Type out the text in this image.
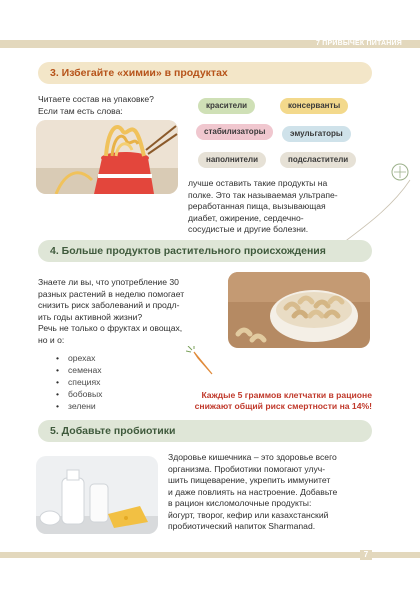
7 ПРИВЫЧЕК ПИТАНИЯ
3. Избегайте «химии» в продуктах
Читаете состав на упаковке?
Если там есть слова:	красители	консерванты
стабилизаторы	эмульгаторы
наполнители	подсластители
лучше оставить такие продукты на
полке. Это так называемая ультрапе-
реработанная пища, вызывающая
диабет, ожирение, сердечно-
сосудистые и другие болезни.
4. Больше продуктов растительного происхождения
Знаете ли вы, что употребление 30
разных растений в неделю помогает
снизить риск заболеваний и продл-
ить годы активной жизни?
Речь не только о фруктах и овощах,
но и о:
• орехах
• семенах
• специях
• бобовых
• зелени
Каждые 5 граммов клетчатки в рационе
снижают общий риск смертности на 14%!
5. Добавьте пробиотики
Здоровье кишечника – это здоровье всего
организма. Пробиотики помогают улуч-
шить пищеварение, укрепить иммунитет
и даже повлиять на настроение. Добавьте
в рацион кисломолочные продукты:
йогурт, творог, кефир или казахстанский
пробиотический напиток Sharmanad.
7
